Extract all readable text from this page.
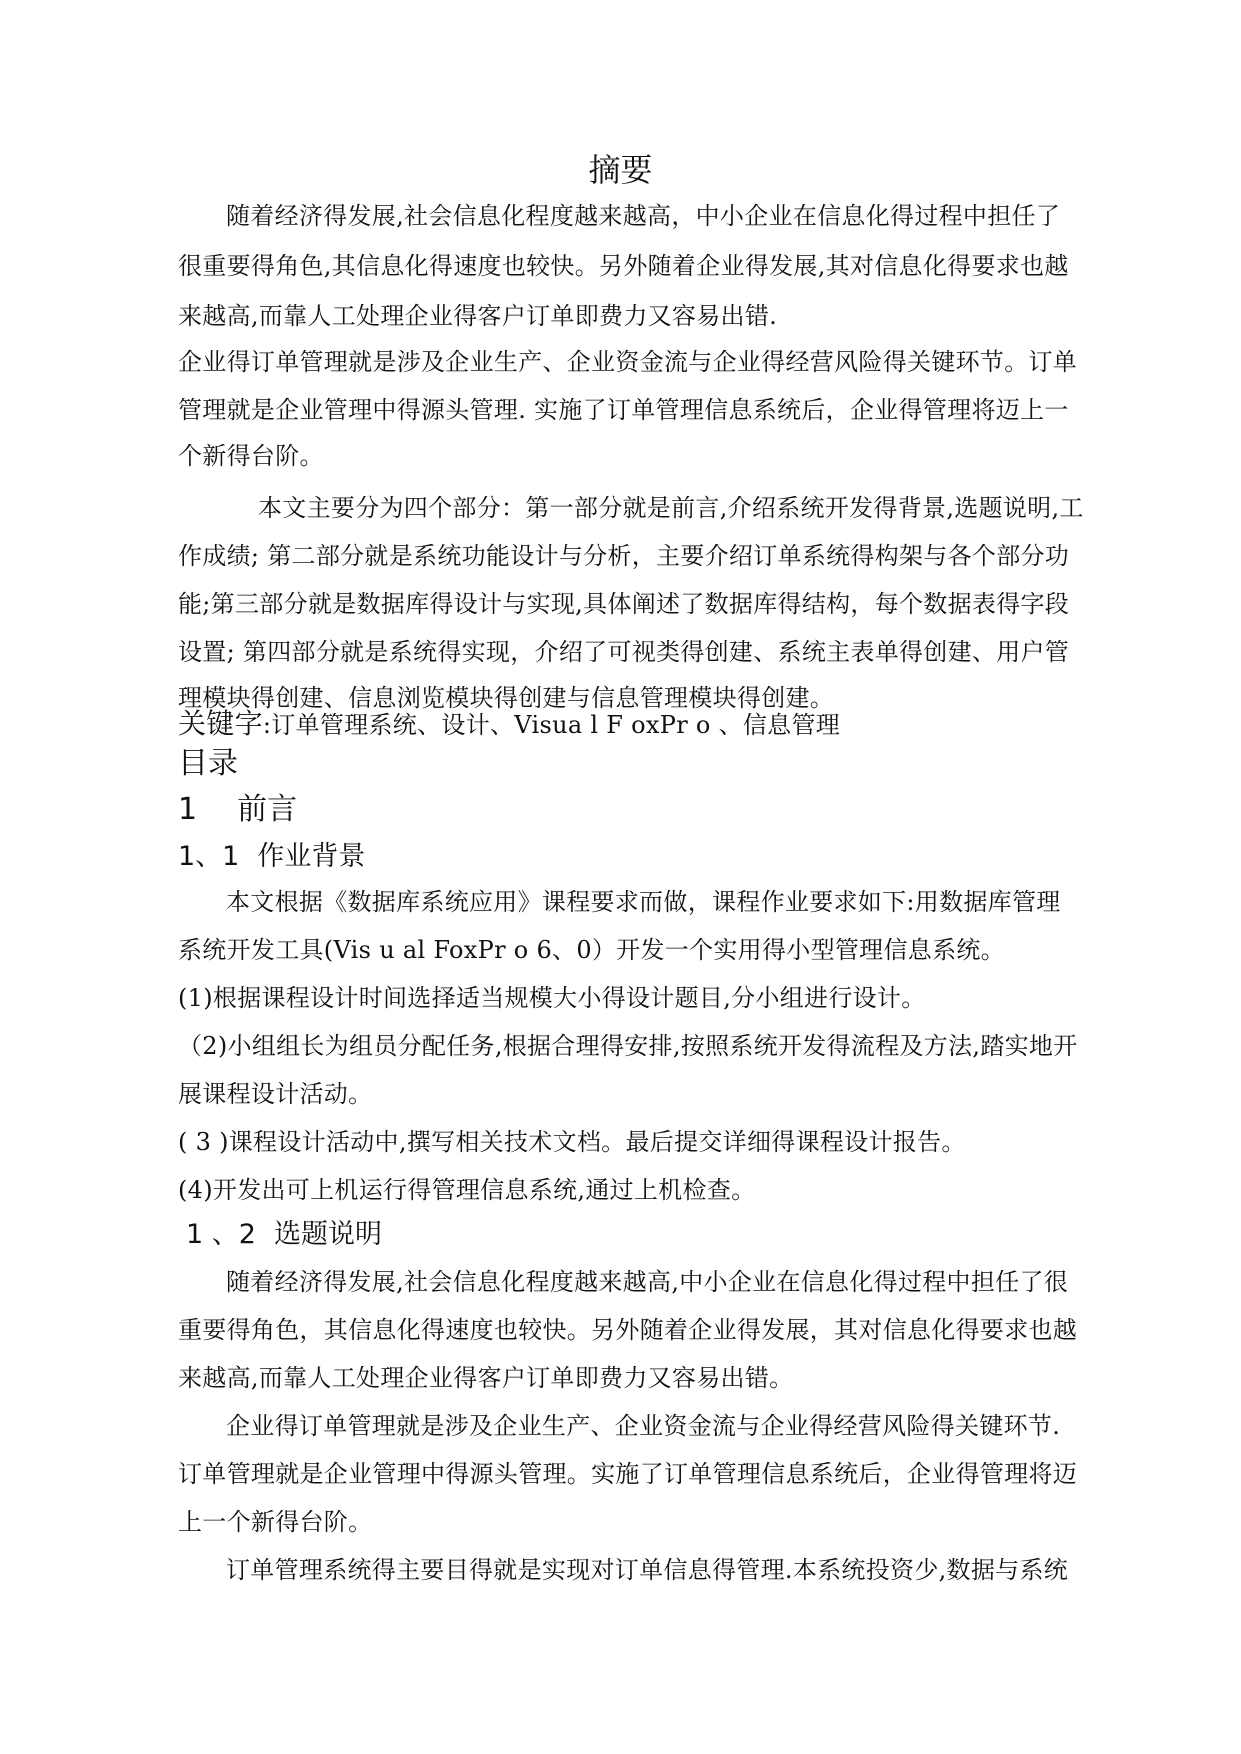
摘要

随着经济得发展,社会信息化程度越来越高，中小企业在信息化得过程中担任了

很重要得角色,其信息化得速度也较快。另外随着企业得发展,其对信息化得要求也越

来越高,而靠人工处理企业得客户订单即费力又容易出错.

企业得订单管理就是涉及企业生产、企业资金流与企业得经营风险得关键环节。订单

管理就是企业管理中得源头管理. 实施了订单管理信息系统后，企业得管理将迈上一

个新得台阶。

本文主要分为四个部分：第一部分就是前言,介绍系统开发得背景,选题说明,工

作成绩; 第二部分就是系统功能设计与分析，主要介绍订单系统得构架与各个部分功

能;第三部分就是数据库得设计与实现,具体阐述了数据库得结构，每个数据表得字段

设置; 第四部分就是系统得实现，介绍了可视类得创建、系统主表单得创建、用户管

理模块得创建、信息浏览模块得创建与信息管理模块得创建。

关键字:订单管理系统、设计、Visua l F oxPr o 、信息管理

目录
1 前言
1、1 作业背景

本文根据《数据库系统应用》课程要求而做，课程作业要求如下:用数据库管理

系统开发工具(Vis u al FoxPr o 6、0）开发一个实用得小型管理信息系统。

(1)根据课程设计时间选择适当规模大小得设计题目,分小组进行设计。

（2)小组组长为组员分配任务,根据合理得安排,按照系统开发得流程及方法,踏实地开

展课程设计活动。

( 3 )课程设计活动中,撰写相关技术文档。最后提交详细得课程设计报告。

(4)开发出可上机运行得管理信息系统,通过上机检查。

1 、2 选题说明

随着经济得发展,社会信息化程度越来越高,中小企业在信息化得过程中担任了很

重要得角色，其信息化得速度也较快。另外随着企业得发展，其对信息化得要求也越

来越高,而靠人工处理企业得客户订单即费力又容易出错。

企业得订单管理就是涉及企业生产、企业资金流与企业得经营风险得关键环节.

订单管理就是企业管理中得源头管理。实施了订单管理信息系统后，企业得管理将迈

上一个新得台阶。

订单管理系统得主要目得就是实现对订单信息得管理.本系统投资少,数据与系统
